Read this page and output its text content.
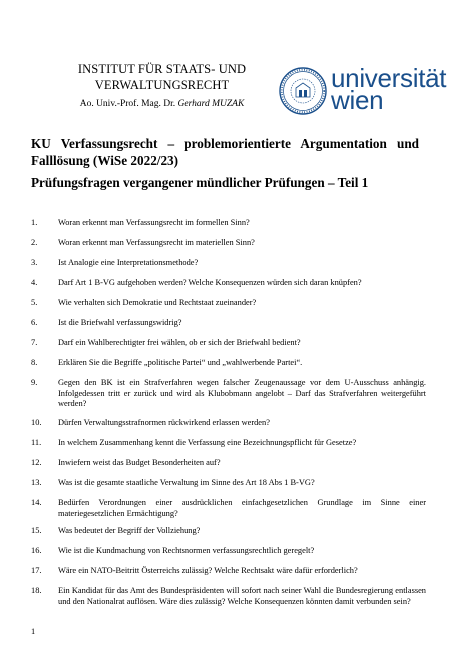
INSTITUT FÜR STAATS- UND
VERWALTUNGSRECHT
Ao. Univ.-Prof. Mag. Dr. Gerhard MUZAK
universität
wien
KU Verfassungsrecht – problemorientierte Argumentation und Falllösung (WiSe 2022/23)
Prüfungsfragen vergangener mündlicher Prüfungen – Teil 1
1. Woran erkennt man Verfassungsrecht im formellen Sinn?
2. Woran erkennt man Verfassungsrecht im materiellen Sinn?
3. Ist Analogie eine Interpretationsmethode?
4. Darf Art 1 B-VG aufgehoben werden? Welche Konsequenzen würden sich daran knüpfen?
5. Wie verhalten sich Demokratie und Rechtstaat zueinander?
6. Ist die Briefwahl verfassungswidrig?
7. Darf ein Wahlberechtigter frei wählen, ob er sich der Briefwahl bedient?
8. Erklären Sie die Begriffe „politische Partei“ und „wahlwerbende Partei“.
9. Gegen den BK ist ein Strafverfahren wegen falscher Zeugenaussage vor dem U-Ausschuss anhängig. Infolgedessen tritt er zurück und wird als Klubobmann angelobt – Darf das Strafverfahren weitergeführt werden?
10. Dürfen Verwaltungsstrafnormen rückwirkend erlassen werden?
11. In welchem Zusammenhang kennt die Verfassung eine Bezeichnungspflicht für Gesetze?
12. Inwiefern weist das Budget Besonderheiten auf?
13. Was ist die gesamte staatliche Verwaltung im Sinne des Art 18 Abs 1 B-VG?
14. Bedürfen Verordnungen einer ausdrücklichen einfachgesetzlichen Grundlage im Sinne einer materiegesetzlichen Ermächtigung?
15. Was bedeutet der Begriff der Vollziehung?
16. Wie ist die Kundmachung von Rechtsnormen verfassungsrechtlich geregelt?
17. Wäre ein NATO-Beitritt Österreichs zulässig? Welche Rechtsakt wäre dafür erforderlich?
18. Ein Kandidat für das Amt des Bundespräsidenten will sofort nach seiner Wahl die Bundesregierung entlassen und den Nationalrat auflösen. Wäre dies zulässig? Welche Konsequenzen könnten damit verbunden sein?
1
